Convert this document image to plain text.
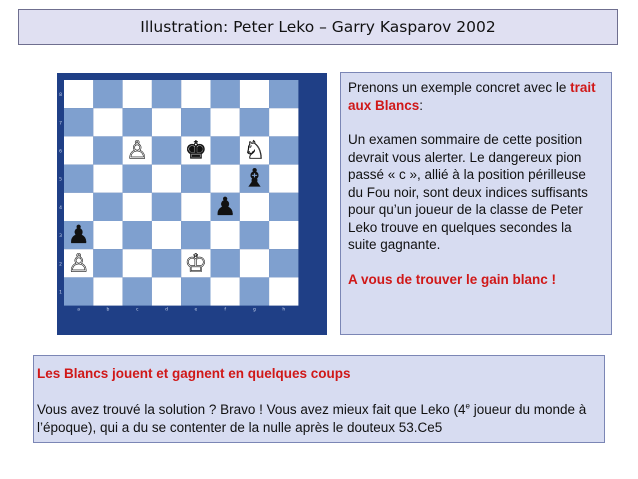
Illustration: Peter Leko – Garry Kasparov 2002
8
7
6
5
4
3
2
1
a	b	c	d	e	f	g	h
♙ ♚ ♘
♝
♟
♟
♙	♔

Prenons un exemple concret avec le trait aux Blancs:

Un examen sommaire de cette position devrait vous alerter. Le dangereux pion passé « c », allié à la position périlleuse du Fou noir, sont deux indices suffisants pour qu’un joueur de la classe de Peter Leko trouve en quelques secondes la suite gagnante.

A vous de trouver le gain blanc !

Les Blancs jouent et gagnent en quelques coups

Vous avez trouvé la solution ? Bravo ! Vous avez mieux fait que Leko (4e joueur du monde à l’époque), qui a du se contenter de la nulle après le douteux 53.Ce5
